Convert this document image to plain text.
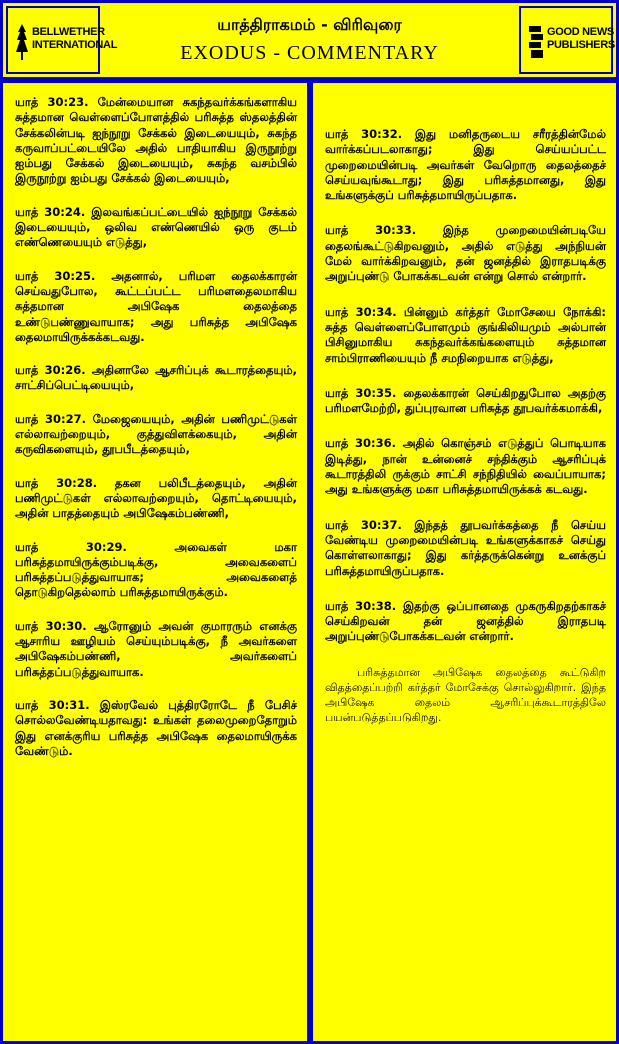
BELLWETHER INTERNATIONAL
யாத்திராகமம் - விரிவுரை
EXODUS - COMMENTARY
GOOD NEWS PUBLISHERS

யாத் 30:23. மேன்மையான சுகந்தவர்க்கங்களாகிய சுத்தமான வெள்ளைப்போளத்தில் பரிசுத்த ஸ்தலத்தின் சேக்கலின்படி ஐந்நூறு சேக்கல் இடையையும், சுகந்த கருவாப்பட்டையிலே அதில் பாதியாகிய இருநூற்று ஐம்பது சேக்கல் இடையையும், சுகந்த வசம்பில் இருநூற்று ஐம்பது சேக்கல் இடையையும்,

யாத் 30:24. இலவங்கப்பட்டையில் ஐந்நூறு சேக்கல் இடையையும், ஒலிவ எண்ணெயில் ஒரு குடம் எண்ணெயையும் எடுத்து,

யாத் 30:25. அதனால், பரிமள தைலக்காரன் செய்வதுபோல, கூட்டப்பட்ட பரிமளதைலமாகிய சுத்தமான அபிஷேக தைலத்தை உண்டுபண்ணுவாயாக; அது பரிசுத்த அபிஷேக தைலமாயிருக்கக்கடவது.

யாத் 30:26. அதினாலே ஆசரிப்புக் கூடாரத்தையும், சாட்சிப்பெட்டியையும்,

யாத் 30:27. மேஜையையும், அதின் பணிமுட்டுகள் எல்லாவற்றையும், குத்துவிளக்கையும், அதின் கருவிகளையும், தூபபீடத்தையும்,

யாத் 30:28. தகன பலிபீடத்தையும், அதின் பணிமுட்டுகள் எல்லாவற்றையும், தொட்டியையும், அதின் பாதத்தையும் அபிஷேகம்பண்ணி,

யாத் 30:29. அவைகள் மகா பரிசுத்தமாயிருக்கும்படிக்கு, அவைகளைப் பரிசுத்தப்படுத்துவாயாக; அவைகளைத் தொடுகிறதெல்லாம் பரிசுத்தமாயிருக்கும்.

யாத் 30:30. ஆரோனும் அவன் குமாரரும் எனக்கு ஆசாரிய ஊழியம் செய்யும்படிக்கு, நீ அவர்களை அபிஷேகம்பண்ணி, அவர்களைப் பரிசுத்தப்படுத்துவாயாக.

யாத் 30:31. இஸ்ரவேல் புத்திரரோடே நீ பேசிச் சொல்லவேண்டியதாவது: உங்கள் தலைமுறைதோறும் இது எனக்குரிய பரிசுத்த அபிஷேக தைலமாயிருக்க வேண்டும்.

யாத் 30:32. இது மனிதருடைய சரீரத்தின்மேல் வார்க்கப்படலாகாது; இது செய்யப்பட்ட முறைமையின்படி அவர்கள் வேறொரு தைலத்தைச் செய்யவுங்கூடாது; இது பரிசுத்தமானது, இது உங்களுக்குப் பரிசுத்தமாயிருப்பதாக.

யாத் 30:33. இந்த முறைமையின்படியே தைலங்கூட்டுகிறவனும், அதில் எடுத்து அந்நியன் மேல் வார்க்கிறவனும், தன் ஜனத்தில் இராதபடிக்கு அறுப்புண்டு போகக்கடவன் என்று சொல் என்றார்.

யாத் 30:34. பின்னும் கர்த்தர் மோசேயை நோக்கி: சுத்த வெள்ளைப்போளமும் குங்கிலியமும் அல்பான் பிசினுமாகிய சுகந்தவர்க்கங்களையும் சுத்தமான சாம்பிராணியையும் நீ சமநிறையாக எடுத்து,

யாத் 30:35. தைலக்காரன் செய்கிறதுபோல அதற்கு பரிமளமேற்றி, துப்புரவான பரிசுத்த தூபவர்க்கமாக்கி,

யாத் 30:36. அதில் கொஞ்சம் எடுத்துப் பொடியாக இடித்து, நான் உன்னைச் சந்திக்கும் ஆசரிப்புக் கூடாரத்திலி ருக்கும் சாட்சி சந்நிதியில் வைப்பாயாக; அது உங்களுக்கு மகா பரிசுத்தமாயிருக்கக் கடவது.

யாத் 30:37. இந்தத் தூபவர்க்கத்தை நீ செய்ய வேண்டிய முறைமையின்படி உங்களுக்காகச் செய்து கொள்ளலாகாது; இது கர்த்தருக்கென்று உனக்குப் பரிசுத்தமாயிருப்பதாக.

யாத் 30:38. இதற்கு ஒப்பானதை முகருகிறதற்காகச் செய்கிறவன் தன் ஜனத்தில் இராதபடி அறுப்புண்டுபோகக்கடவன் என்றார்.

பரிசுத்தமான அபிஷேக தைலத்தை கூட்டுகிற விதத்தைப்பற்றி கர்த்தர் மோசேக்கு சொல்லுகிறார். இந்த அபிஷேக தைலம் ஆசரிப்புக்கூடாரத்திலே பயன்படுத்தப்படுகிறது.
